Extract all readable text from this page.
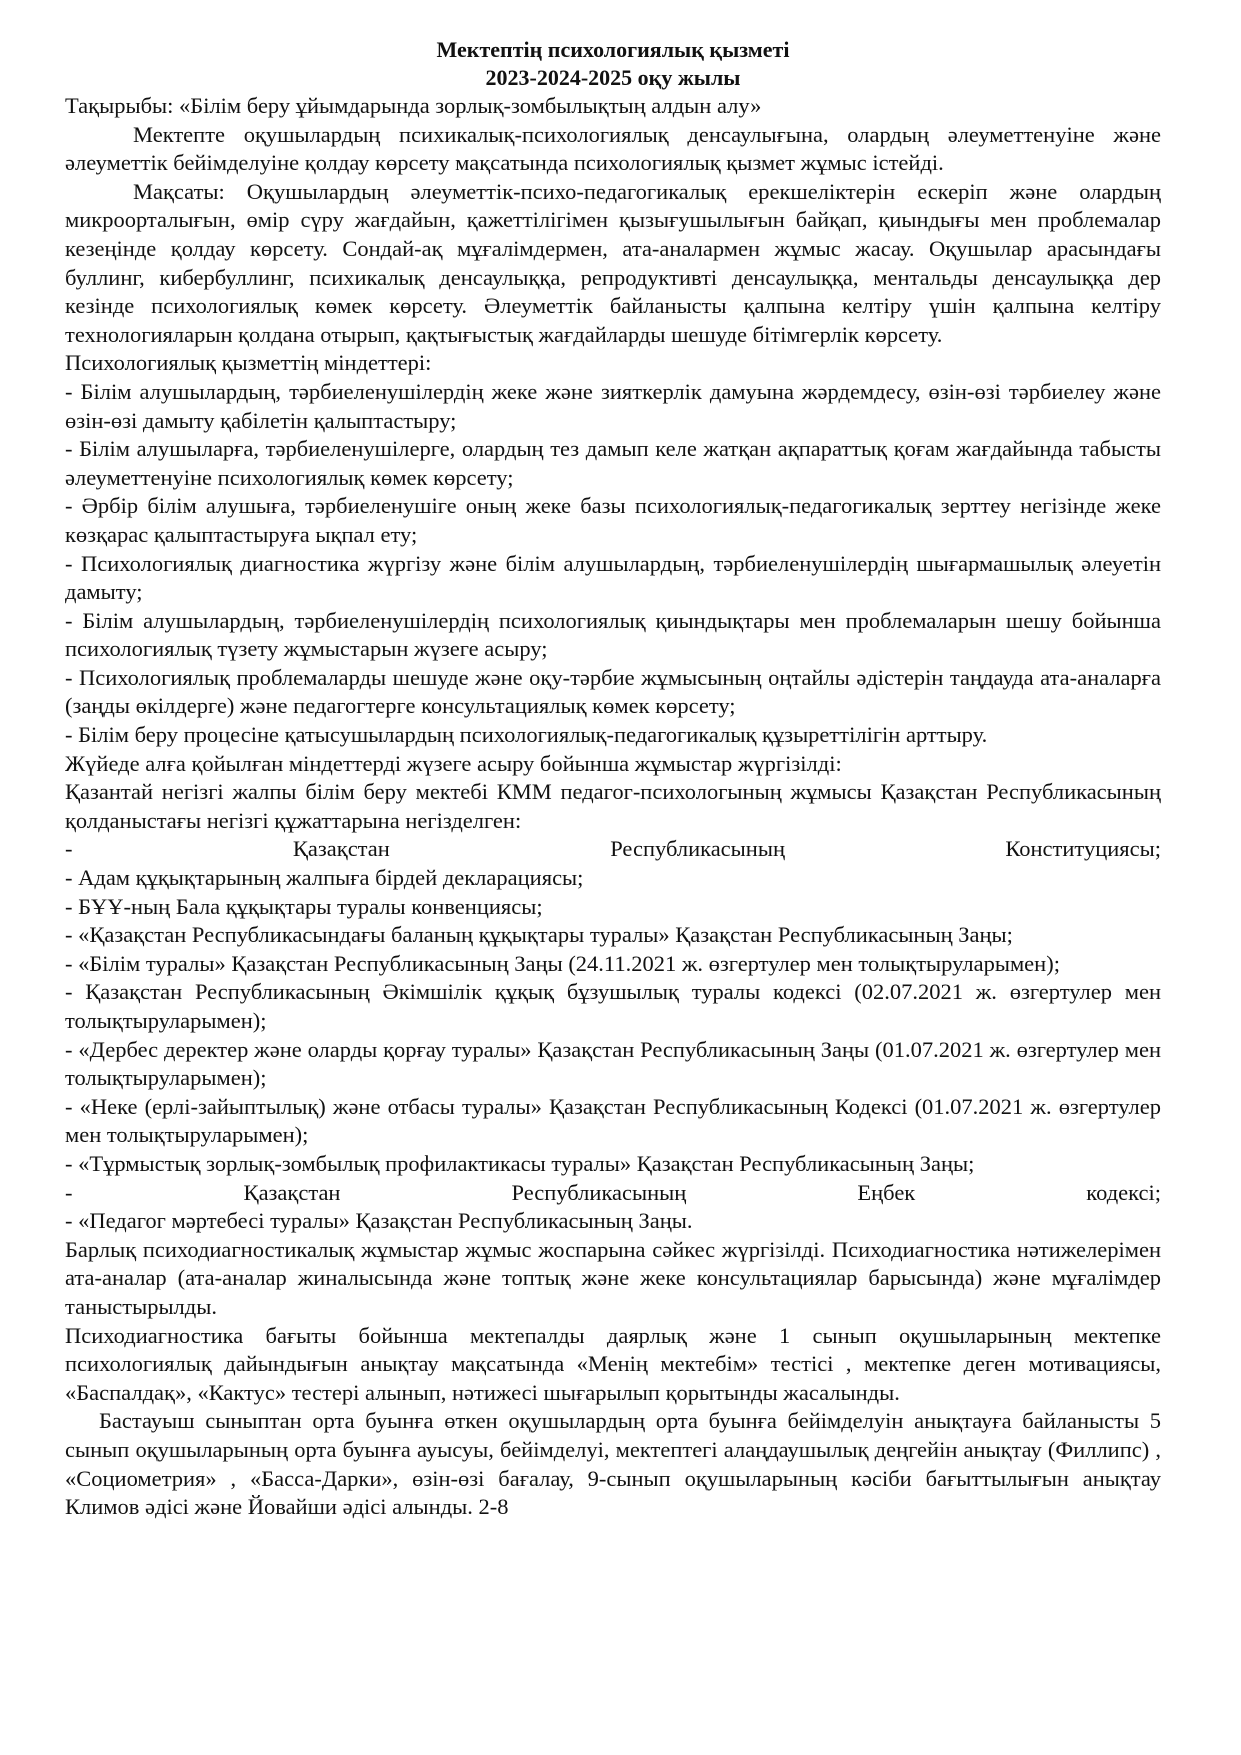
Мектептің психологиялық қызметі

2023-2024-2025 оқу жылы

Тақырыбы: «Білім беру ұйымдарында зорлық-зомбылықтың алдын алу»

Мектепте оқушылардың психикалық-психологиялық денсаулығына, олардың әлеуметтенуіне және әлеуметтік бейімделуіне қолдау көрсету мақсатында психологиялық қызмет жұмыс істейді.

Мақсаты: Оқушылардың әлеуметтік-психо-педагогикалық ерекшеліктерін ескеріп және олардың микроорталығын, өмір сүру жағдайын, қажеттілігімен қызығушылығын байқап, қиындығы мен проблемалар кезеңінде қолдау көрсету. Сондай-ақ мұғалімдермен, ата-аналармен жұмыс жасау. Оқушылар арасындағы буллинг, кибербуллинг, психикалық денсаулыққа, репродуктивті денсаулыққа, ментальды денсаулыққа дер кезінде психологиялық көмек көрсету. Әлеуметтік байланысты қалпына келтіру үшін қалпына келтіру технологияларын қолдана отырып, қақтығыстық жағдайларды шешуде бітімгерлік көрсету.

Психологиялық қызметтің міндеттері:

- Білім алушылардың, тәрбиеленушілердің жеке және зияткерлік дамуына жәрдемдесу, өзін-өзі тәрбиелеу және өзін-өзі дамыту қабілетін қалыптастыру;

- Білім алушыларға, тәрбиеленушілерге, олардың тез дамып келе жатқан ақпараттық қоғам жағдайында табысты әлеуметтенуіне психологиялық көмек көрсету;

- Әрбір білім алушыға, тәрбиеленушіге оның жеке базы психологиялық-педагогикалық зерттеу негізінде жеке көзқарас қалыптастыруға ықпал ету;

- Психологиялық диагностика жүргізу және білім алушылардың, тәрбиеленушілердің шығармашылық әлеуетін дамыту;

- Білім алушылардың, тәрбиеленушілердің психологиялық қиындықтары мен проблемаларын шешу бойынша психологиялық түзету жұмыстарын жүзеге асыру;

- Психологиялық проблемаларды шешуде және оқу-тәрбие жұмысының оңтайлы әдістерін таңдауда ата-аналарға (заңды өкілдерге) және педагогтерге консультациялық көмек көрсету;

- Білім беру процесіне қатысушылардың психологиялық-педагогикалық құзыреттілігін арттыру.

Жүйеде алға қойылған міндеттерді жүзеге асыру бойынша жұмыстар жүргізілді:

Қазантай негізгі жалпы білім беру мектебі КММ педагог-психологының жұмысы Қазақстан Республикасының қолданыстағы негізгі құжаттарына негізделген:

- Қазақстан Республикасының Конституциясы;

- Адам құқықтарының жалпыға бірдей декларациясы;

- БҰҰ-ның Бала құқықтары туралы конвенциясы;

- «Қазақстан Республикасындағы баланың құқықтары туралы» Қазақстан Республикасының Заңы;

- «Білім туралы» Қазақстан Республикасының Заңы (24.11.2021 ж. өзгертулер мен толықтыруларымен);

- Қазақстан Республикасының Әкімшілік құқық бұзушылық туралы кодексі (02.07.2021 ж. өзгертулер мен толықтыруларымен);

- «Дербес деректер және оларды қорғау туралы» Қазақстан Республикасының Заңы (01.07.2021 ж. өзгертулер мен толықтыруларымен);

- «Неке (ерлі-зайыптылық) және отбасы туралы» Қазақстан Республикасының Кодексі (01.07.2021 ж. өзгертулер мен толықтыруларымен);

- «Тұрмыстық зорлық-зомбылық профилактикасы туралы» Қазақстан Республикасының Заңы;

- Қазақстан Республикасының Еңбек кодексі;

- «Педагог мәртебесі туралы» Қазақстан Республикасының Заңы.

Барлық психодиагностикалық жұмыстар жұмыс жоспарына сәйкес жүргізілді. Психодиагностика нәтижелерімен ата-аналар (ата-аналар жиналысында және топтық және жеке консультациялар барысында) және мұғалімдер таныстырылды.

Психодиагностика бағыты бойынша мектепалды даярлық және 1 сынып оқушыларының мектепке психологиялық дайындығын анықтау мақсатында «Менің мектебім» тестісі , мектепке деген мотивациясы, «Баспалдақ», «Кактус» тестері алынып, нәтижесі шығарылып қорытынды жасалынды.

Бастауыш сыныптан орта буынға өткен оқушылардың орта буынға бейімделуін анықтауға байланысты 5 сынып оқушыларының орта буынға ауысуы, бейімделуі, мектептегі алаңдаушылық деңгейін анықтау (Филлипс) , «Социометрия» , «Басса-Дарки», өзін-өзі бағалау, 9-сынып оқушыларының кәсіби бағыттылығын анықтау Климов әдісі және Йовайши әдісі алынды. 2-8
